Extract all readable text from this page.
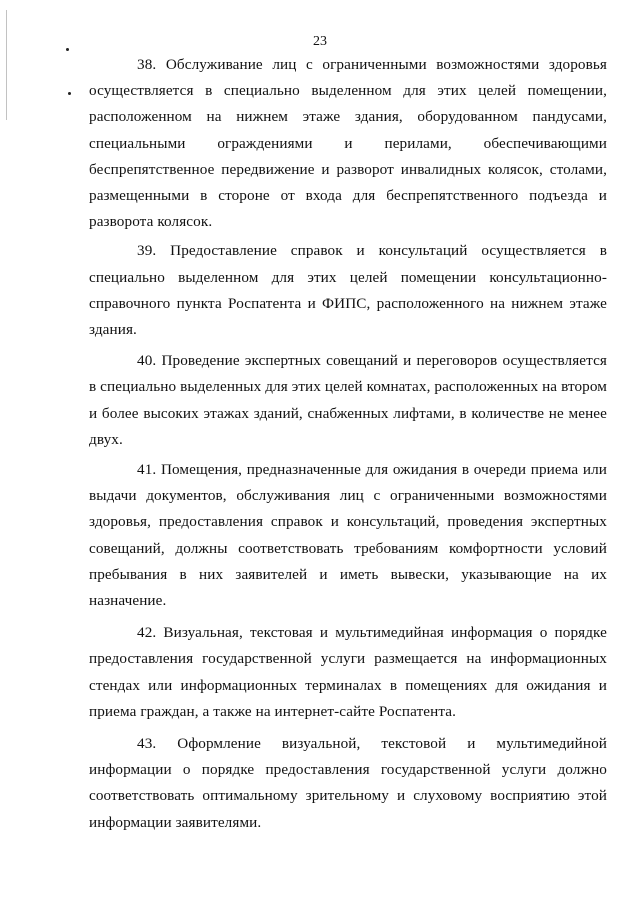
23

38. Обслуживание лиц с ограниченными возможностями здоровья осуществляется в специально выделенном для этих целей помещении, расположенном на нижнем этаже здания, оборудованном пандусами, специальными ограждениями и перилами, обеспечивающими беспрепятственное передвижение и разворот инвалидных колясок, столами, размещенными в стороне от входа для беспрепятственного подъезда и разворота колясок.

39. Предоставление справок и консультаций осуществляется в специально выделенном для этих целей помещении консультационно-справочного пункта Роспатента и ФИПС, расположенного на нижнем этаже здания.

40. Проведение экспертных совещаний и переговоров осуществляется в специально выделенных для этих целей комнатах, расположенных на втором и более высоких этажах зданий, снабженных лифтами, в количестве не менее двух.

41. Помещения, предназначенные для ожидания в очереди приема или выдачи документов, обслуживания лиц с ограниченными возможностями здоровья, предоставления справок и консультаций, проведения экспертных совещаний, должны соответствовать требованиям комфортности условий пребывания в них заявителей и иметь вывески, указывающие на их назначение.

42. Визуальная, текстовая и мультимедийная информация о порядке предоставления государственной услуги размещается на информационных стендах или информационных терминалах в помещениях для ожидания и приема граждан, а также на интернет-сайте Роспатента.

43. Оформление визуальной, текстовой и мультимедийной информации о порядке предоставления государственной услуги должно соответствовать оптимальному зрительному и слуховому восприятию этой информации заявителями.
